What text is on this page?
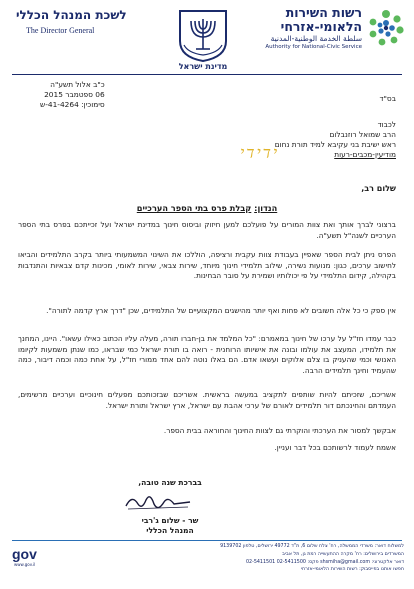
לשכת המנהל הכללי
The Director General
מדינת ישראל
רשות השירות
הלאומי-אזרחי
سلطة الخدمة الوطنية-المدنية
Authority for National-Civic Service
בס"ד
כ"ב אלול תשע"ה
06 ספטמבר 2015
סימוכין: 41-4264-ש
לכבוד
הרב שמואל רוזנבלום
ראש ישיבת בני עקיבא למיד תורת נחום
מודיעין-מכבים-רעות
ידידי
שלום רב,
הנדון: קבלת פרס בתי הספר הערכיים
ברצוני לברך אותך ואת צוות המורים על פועלכם למען חיזוק וביסוס חינוך במדינת ישראל ועל זכייתכם בפרס בתי הספר הערכיים לשנה"ל תשע"ה.
הפרס ניתן לבית הספר שאפיין בעבודת צוות עקבית ורציפה, הוללכו את השינוי המשמעותי ביותר בקרב התלמידים והביאו לחישוב ערכים, כגון: מנועות נשירה, שילוב תלמידי חינוך מיוחד, שירות צבאי, שירות לאומי, מכינות קדם צבאיות והתנדבות בקהילה, קידום התלמידי על פי יכולותיו ושמירת על סובר הבחינות.
אין ספק כי כל אלה חשובים לא פחות ואף יותר מהישגים המקצועיים של התלמידים, שכן "דרך ארץ קדמה לתורה".
כבר עמדו חז"ל על ערכו של חינוך במאמרם: "כל המלמד את בן-חברו תורה, מעלה עליו הכתוב כאילו עשאו". היינו, המחנך את תלמידו, המעצב את עולמו ובונה את אישיותו הרוחנית - רואה בו תורת ישראל כמי שבראו, כמו שנתן משמעות לקיומו האנושי וכמי שהעניק בו צלם אלוקים ועשאו אדם. הם באלו נוטה להם אחד ממורי חז"ל, על אחת כמה וכמה דיבור, כמה שהעמיד וחינך תלמידים הרבה.
אשריכם, שזכיתם להיות שותפים לתקציב במעשה בראשית. אשריכם שבזכותכם מפעלים חינוכיים וערכיים מרשימים, העמדתם והחינכתם דור תלמידים לאורם של ערכי אהבת עם ישראל, ארץ ישראל ותורת ישראל.
אבקשך למסור את הערכתי והוקרתי גם לצוות החינוך והחוראה בבית הספר.
אשמח לעמוד לרשותכם בכל דבר ועניין.
בברכת שנה טובה,
שר - שלום ג'רבי
המנהל הכללי
למשלוח דואר: משרדי הממשלה, רח' צלח שלום 6, ת"ד 49772 ירושלים, טלפון 9139702
המשרדים בירושלים: רח' מקרה ההתעשייה רמת גן, תל אביב
דואר אלקטרוני: shsmiha@gmail.com פקס: 02-5411500 02-5411501
חפשו אותנו בפייסבוק: רשות השירות הלאומי-אזרחי
gov
www.gov.il
